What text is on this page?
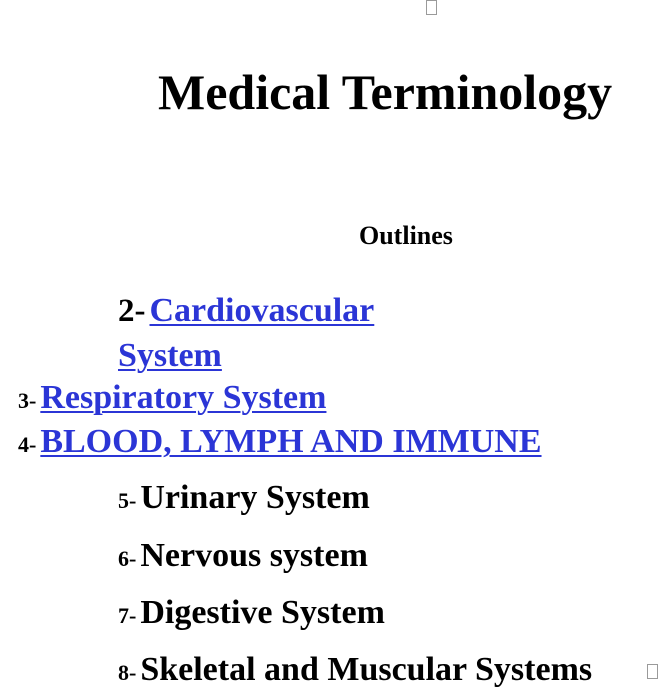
Medical Terminology
Outlines
2- Cardiovascular
System
3- Respiratory System
4- BLOOD, LYMPH AND IMMUNE
5- Urinary System
6- Nervous system
7- Digestive System
8- Skeletal and Muscular Systems
